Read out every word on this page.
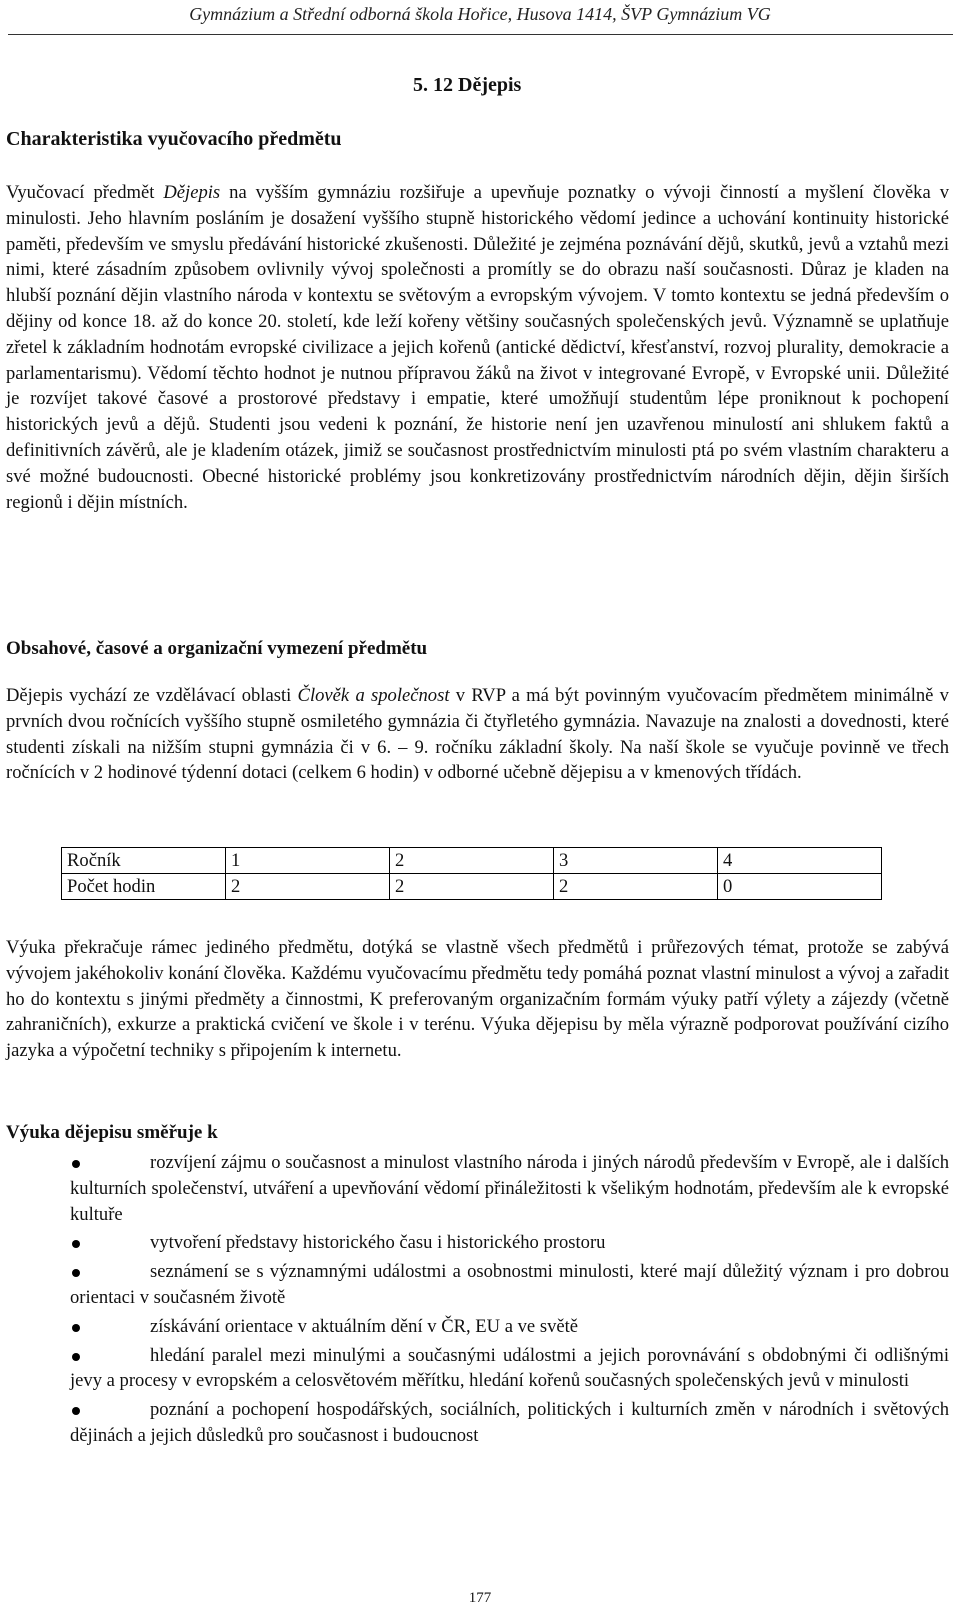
Gymnázium a Střední odborná škola Hořice, Husova 1414, ŠVP Gymnázium VG
5. 12 Dějepis
Charakteristika vyučovacího předmětu

Vyučovací předmět Dějepis na vyšším gymnáziu rozšiřuje a upevňuje poznatky o vývoji činností a myšlení člověka v minulosti. Jeho hlavním posláním je dosažení vyššího stupně historického vědomí jedince a uchování kontinuity historické paměti, především ve smyslu předávání historické zkušenosti. Důležité je zejména poznávání dějů, skutků, jevů a vztahů mezi nimi, které zásadním způsobem ovlivnily vývoj společnosti a promítly se do obrazu naší současnosti. Důraz je kladen na hlubší poznání dějin vlastního národa v kontextu se světovým a evropským vývojem. V tomto kontextu se jedná především o dějiny od konce 18. až do konce 20. století, kde leží kořeny většiny současných společenských jevů. Významně se uplatňuje zřetel k základním hodnotám evropské civilizace a jejich kořenů (antické dědictví, křesťanství, rozvoj plurality, demokracie a parlamentarismu). Vědomí těchto hodnot je nutnou přípravou žáků na život v integrované Evropě, v Evropské unii. Důležité je rozvíjet takové časové a prostorové představy i empatie, které umožňují studentům lépe proniknout k pochopení historických jevů a dějů. Studenti jsou vedeni k poznání, že historie není jen uzavřenou minulostí ani shlukem faktů a definitivních závěrů, ale je kladením otázek, jimiž se současnost prostřednictvím minulosti ptá po svém vlastním charakteru a své možné budoucnosti. Obecné historické problémy jsou konkretizovány prostřednictvím národních dějin, dějin širších regionů i dějin místních.

Obsahové, časové a organizační vymezení předmětu

Dějepis vychází ze vzdělávací oblasti Člověk a společnost v RVP a má být povinným vyučovacím předmětem minimálně v prvních dvou ročnících vyššího stupně osmiletého gymnázia či čtyřletého gymnázia. Navazuje na znalosti a dovednosti, které studenti získali na nižším stupni gymnázia či v 6. – 9. ročníku základní školy. Na naší škole se vyučuje povinně ve třech ročnících v 2 hodinové týdenní dotaci (celkem 6 hodin) v odborné učebně dějepisu a v kmenových třídách.

Ročník	1	2	3	4
Počet hodin	2	2	2	0

Výuka překračuje rámec jediného předmětu, dotýká se vlastně všech předmětů i průřezových témat, protože se zabývá vývojem jakéhokoliv konání člověka. Každému vyučovacímu předmětu tedy pomáhá poznat vlastní minulost a vývoj a zařadit ho do kontextu s jinými předměty a činnostmi, K preferovaným organizačním formám výuky patří výlety a zájezdy (včetně zahraničních), exkurze a praktická cvičení ve škole i v terénu. Výuka dějepisu by měla výrazně podporovat používání cizího jazyka a výpočetní techniky s připojením k internetu.

Výuka dějepisu směřuje k
rozvíjení zájmu o současnost a minulost vlastního národa i jiných národů především v Evropě, ale i dalších kulturních společenství, utváření a upevňování vědomí přináležitosti k všelikým hodnotám, především ale k evropské kultuře
vytvoření představy historického času i historického prostoru
seznámení se s významnými událostmi a osobnostmi minulosti, které mají důležitý význam i pro dobrou orientaci v současném životě
získávání orientace v aktuálním dění v ČR, EU a ve světě
hledání paralel mezi minulými a současnými událostmi a jejich porovnávání s obdobnými či odlišnými jevy a procesy v evropském a celosvětovém měřítku, hledání kořenů současných společenských jevů v minulosti
poznání a pochopení hospodářských, sociálních, politických i kulturních změn v národních i světových dějinách a jejich důsledků pro současnost i budoucnost
177
